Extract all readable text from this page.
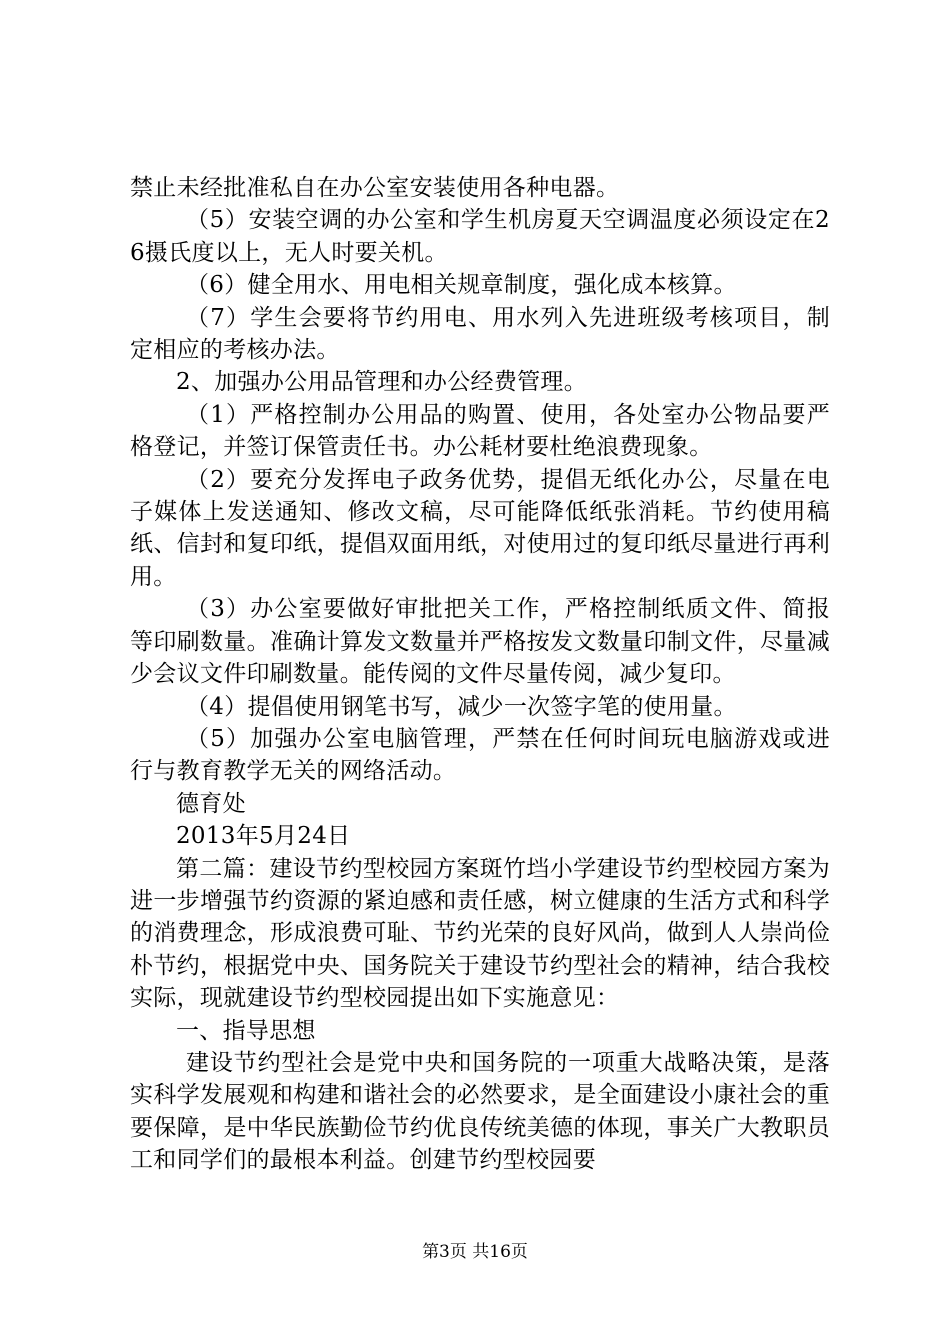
禁止未经批准私自在办公室安装使用各种电器。

（5）安装空调的办公室和学生机房夏天空调温度必须设定在26摄氏度以上，无人时要关机。

（6）健全用水、用电相关规章制度，强化成本核算。

（7）学生会要将节约用电、用水列入先进班级考核项目，制定相应的考核办法。

2、加强办公用品管理和办公经费管理。

（1）严格控制办公用品的购置、使用，各处室办公物品要严格登记，并签订保管责任书。办公耗材要杜绝浪费现象。

（2）要充分发挥电子政务优势，提倡无纸化办公，尽量在电子媒体上发送通知、修改文稿，尽可能降低纸张消耗。节约使用稿纸、信封和复印纸，提倡双面用纸，对使用过的复印纸尽量进行再利用。

（3）办公室要做好审批把关工作，严格控制纸质文件、简报等印刷数量。准确计算发文数量并严格按发文数量印制文件，尽量减少会议文件印刷数量。能传阅的文件尽量传阅，减少复印。

（4）提倡使用钢笔书写，减少一次签字笔的使用量。

（5）加强办公室电脑管理，严禁在任何时间玩电脑游戏或进行与教育教学无关的网络活动。

德育处

2013年5月24日

第二篇：建设节约型校园方案斑竹垱小学建设节约型校园方案为进一步增强节约资源的紧迫感和责任感，树立健康的生活方式和科学的消费理念，形成浪费可耻、节约光荣的良好风尚，做到人人崇尚俭朴节约，根据党中央、国务院关于建设节约型社会的精神，结合我校实际，现就建设节约型校园提出如下实施意见：

一、指导思想

建设节约型社会是党中央和国务院的一项重大战略决策，是落实科学发展观和构建和谐社会的必然要求，是全面建设小康社会的重要保障，是中华民族勤俭节约优良传统美德的体现，事关广大教职员工和同学们的最根本利益。创建节约型校园要

第3页 共16页
